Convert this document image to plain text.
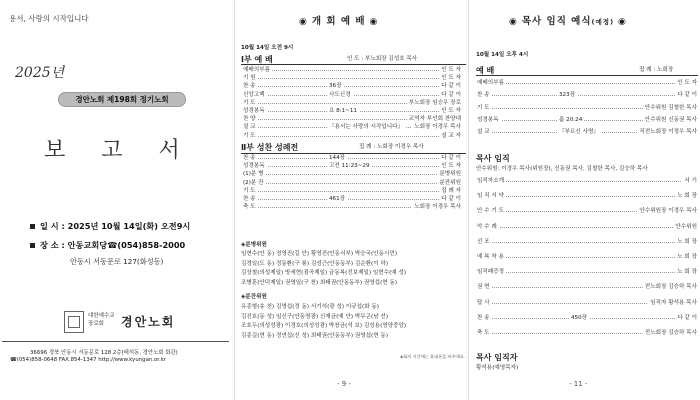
용서, 사랑의 시작입니다
2025년
경안노회 제198회 정기노회
보고서
일 시 : 2025년 10월 14일(화) 오전9시
장 소 : 안동교회당☎(054)858-2000
안동시 서동문로 127(화성동)
대한예수교 장로회	경안노회
36696 경북 안동시 서동문로 128 2층(태석동, 경안노회 회관)
☎(054)858-0648 FAX.854-1347 http://www.kyungan.or.kr
◉ 개 회 예 배 ◉
10월 14일 오전 9시
Ⅰ부 예 배	인 도 : 부노회장 김성호 목사
예배의부름	인 도 자
기 원	인 도 자
찬 송	36장	다 같 이
신앙고백	사도신경	다 같 이
기 도	부노회장 임승우 장로
성경봉독	요 8:1~11	인 도 자
찬 양	교역자 부인회 찬양대
설 교	『용서는 사랑의 시작입니다』	노회장 이경우 목사
기 도	설 교 자
Ⅱ부 성찬 성례전	집 례 : 노회장 이경우 목사
찬 송	144장	다 같 이
성경봉독	고전 11:23~29	인 도 자
(1)분 병	분병위원
(2)분 잔	분잔위원
기 도	집 례 자
찬 송	461장	다 같 이
축 도	노회장 이경우 목사
◈분병위원
임현수(안 동) 정영진(길 안) 황영진(안동서부) 박승국(안동시민)
김경일(도 동) 정동환(구 룡) 김성근(안동동부) 김순환(이 하)
김상철(의성제일) 방세현(점곡제일) 금동복(진보제일) 임현수(예 성)
조병훈(안덕제일) 권영일(구 천) 최태권(안동동부) 권영섭(현 동)
◈분잔위원
유종형(송 천) 김영섭(정 동) 서기석(광 성) 이규섭(화 동)
김진호(동 성) 임신구(안동영광) 신재균(예 안) 박무곤(남 선)
조호두(의성성광) 이경호(의성성광) 박창균(석 보) 김성용(영양중앙)
김종길(현 동) 정연섭(신 성) 최태권(안동동부) 권영섭(현 동)
◈회의 시간에는 휴대폰을 꺼주세요.
- 9 -
◉ 목사 임직 예식(예정) ◉
10월 14일 오후 4시
예 배	집 례 : 노회장
예배의부름	인 도 자
찬 송	323장	다 같 이
기 도	안수위원 김철한 목사
성경봉독	롬 20:24	안수위원 신동권 목사
설 교	『부르신 사명』	직전노회장 이정우 목사
목사 임직
안수위원: 이경우 목사(위원장), 신동권 목사, 김철한 목사, 김승하 목사
임직자소개	서 기
임 직 서 약	노 회 장
안 수 기 도	안수위원장 이경우 목사
악 수 례	안수위원
선 포	노 회 장
예 복 착 용	노 회 장
임직패증정	노 회 장
권 면	전노회장 김승하 목사
답 사	임직자 황석용 목사
찬 송	450장	다 같 이
축 도	전노회장 김승하 목사
목사 임직자
황석용(예영목자)
- 11 -
